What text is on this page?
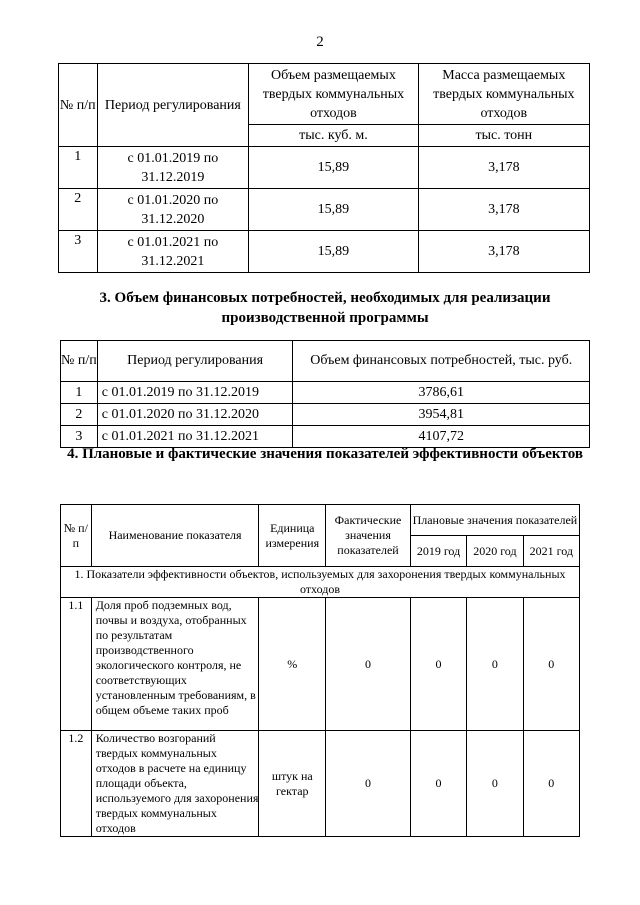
2
№ п/п	Период регулирования	Объем размещаемых твердых коммунальных отходов	Масса размещаемых твердых коммунальных отходов
		тыс. куб. м.	тыс. тонн
1	с 01.01.2019 по 31.12.2019	15,89	3,178
2	с 01.01.2020 по 31.12.2020	15,89	3,178
3	с 01.01.2021 по 31.12.2021	15,89	3,178
3. Объем финансовых потребностей, необходимых для реализации производственной программы
№ п/п	Период регулирования	Объем финансовых потребностей, тыс. руб.
1	с 01.01.2019 по 31.12.2019	3786,61
2	с 01.01.2020 по 31.12.2020	3954,81
3	с 01.01.2021 по 31.12.2021	4107,72
4. Плановые и фактические значения показателей эффективности объектов
№ п/п	Наименование показателя	Единица измерения	Фактические значения показателей	Плановые значения показателей		
				2019 год	2020 год	2021 год
1. Показатели эффективности объектов, используемых для захоронения твердых коммунальных отходов						
1.1	Доля проб подземных вод, почвы и воздуха, отобранных по результатам производственного экологического контроля, не соответствующих установленным требованиям, в общем объеме таких проб	%	0	0	0	0
1.2	Количество возгораний твердых коммунальных отходов в расчете на единицу площади объекта, используемого для захоронения твердых коммунальных отходов	штук на гектар	0	0	0	0
